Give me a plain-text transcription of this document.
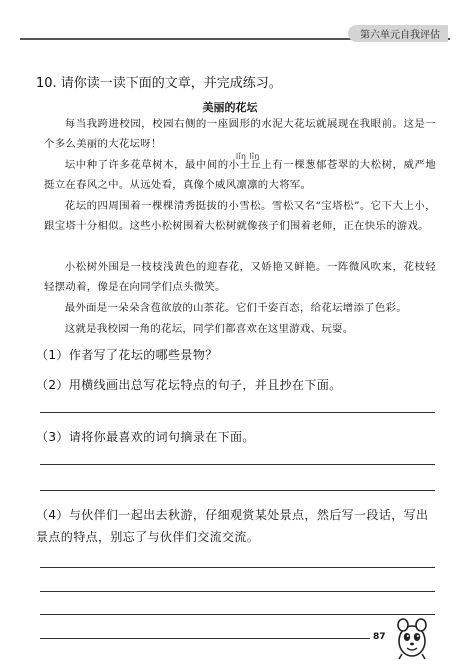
第六单元自我评估
10. 请你读一读下面的文章，并完成练习。
美丽的花坛

每当我跨进校园，校园右侧的一座圆形的水泥大花坛就展现在我眼前。这是一个多么美丽的大花坛呀！

lǐn lǐn

坛中种了许多花草树木，最中间的小土丘上有一棵葱郁苍翠的大松树，威严地挺立在春风之中。从远处看，真像个威风凛凛的大将军。

花坛的四周围着一棵棵清秀挺拔的小雪松。雪松又名“宝塔松”。它下大上小，跟宝塔十分相似。这些小松树围着大松树就像孩子们围着老师，正在快乐的游戏。

小松树外围是一枝枝浅黄色的迎春花，又娇艳又鲜艳。一阵微风吹来，花枝轻轻摆动着，像是在向同学们点头微笑。

最外面是一朵朵含苞欲放的山茶花。它们千姿百态，给花坛增添了色彩。

这就是我校园一角的花坛，同学们都喜欢在这里游戏、玩耍。

（1）作者写了花坛的哪些景物？
（2）用横线画出总写花坛特点的句子，并且抄在下面。
（3）请将你最喜欢的词句摘录在下面。
（4）与伙伴们一起出去秋游，仔细观赏某处景点，然后写一段话，写出景点的特点，别忘了与伙伴们交流交流。
87
